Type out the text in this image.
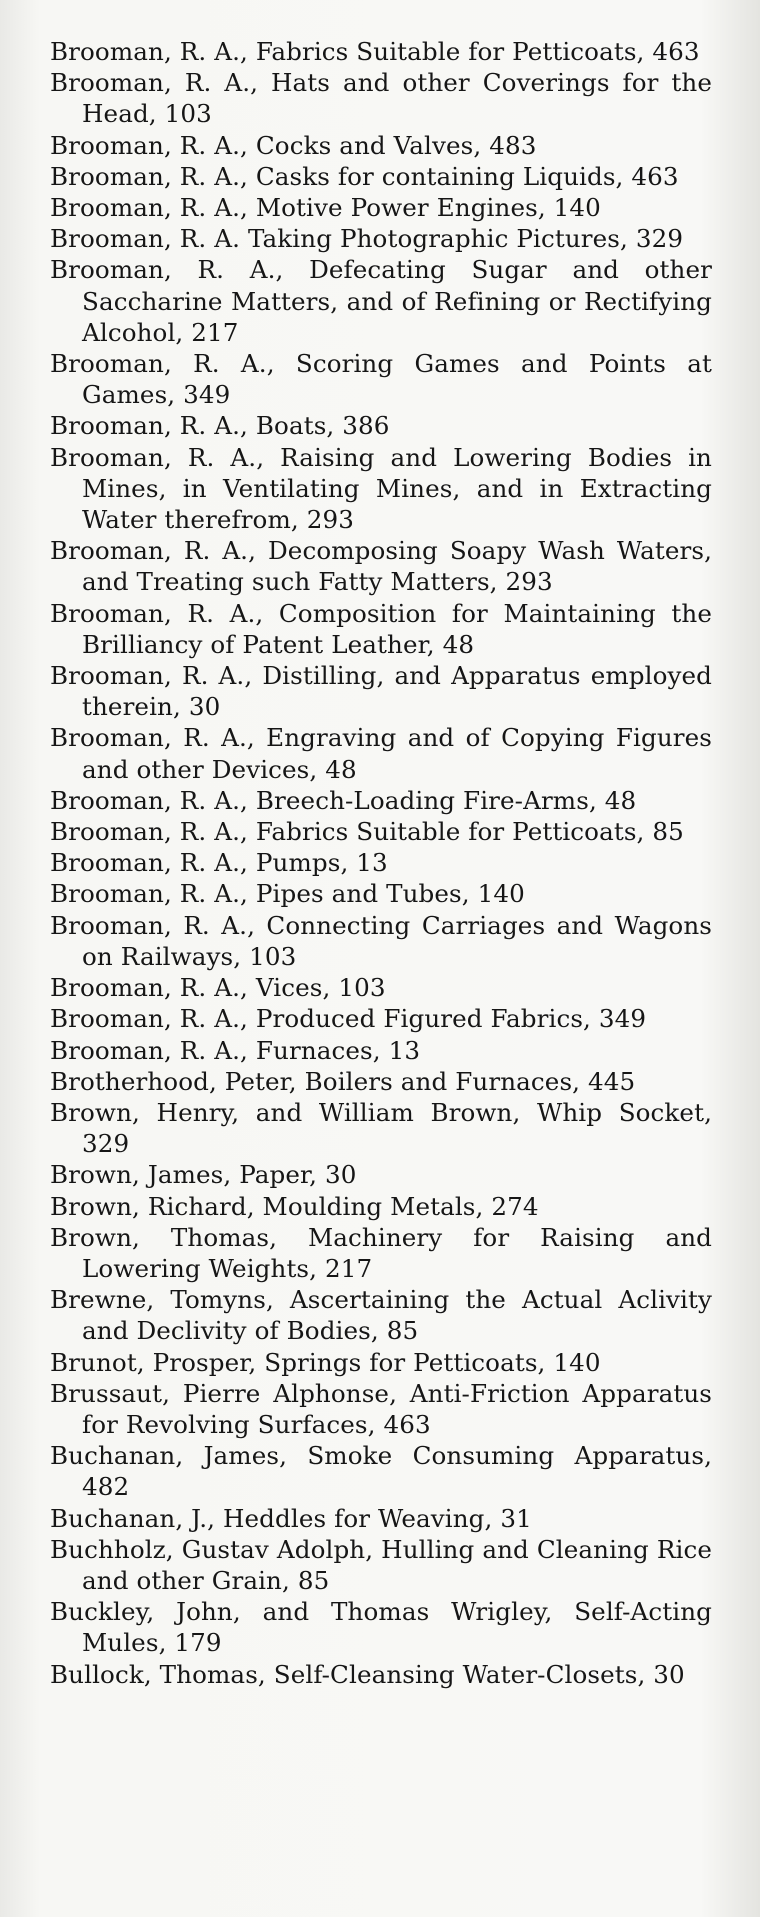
Brooman, R. A., Fabrics Suitable for Petticoats, 463

Brooman, R. A., Hats and other Coverings for the Head, 103

Brooman, R. A., Cocks and Valves, 483

Brooman, R. A., Casks for containing Liquids, 463

Brooman, R. A., Motive Power Engines, 140

Brooman, R. A. Taking Photographic Pictures, 329

Brooman, R. A., Defecating Sugar and other Saccharine Matters, and of Refining or Rectifying Alcohol, 217

Brooman, R. A., Scoring Games and Points at Games, 349

Brooman, R. A., Boats, 386

Brooman, R. A., Raising and Lowering Bodies in Mines, in Ventilating Mines, and in Extracting Water therefrom, 293

Brooman, R. A., Decomposing Soapy Wash Waters, and Treating such Fatty Matters, 293

Brooman, R. A., Composition for Maintaining the Brilliancy of Patent Leather, 48

Brooman, R. A., Distilling, and Apparatus employed therein, 30

Brooman, R. A., Engraving and of Copying Figures and other Devices, 48

Brooman, R. A., Breech-Loading Fire-Arms, 48

Brooman, R. A., Fabrics Suitable for Petticoats, 85

Brooman, R. A., Pumps, 13

Brooman, R. A., Pipes and Tubes, 140

Brooman, R. A., Connecting Carriages and Wagons on Railways, 103

Brooman, R. A., Vices, 103

Brooman, R. A., Produced Figured Fabrics, 349

Brooman, R. A., Furnaces, 13

Brotherhood, Peter, Boilers and Furnaces, 445

Brown, Henry, and William Brown, Whip Socket, 329

Brown, James, Paper, 30

Brown, Richard, Moulding Metals, 274

Brown, Thomas, Machinery for Raising and Lowering Weights, 217

Brewne, Tomyns, Ascertaining the Actual Aclivity and Declivity of Bodies, 85

Brunot, Prosper, Springs for Petticoats, 140

Brussaut, Pierre Alphonse, Anti-Friction Apparatus for Revolving Surfaces, 463

Buchanan, James, Smoke Consuming Apparatus, 482

Buchanan, J., Heddles for Weaving, 31

Buchholz, Gustav Adolph, Hulling and Cleaning Rice and other Grain, 85

Buckley, John, and Thomas Wrigley, Self-Acting Mules, 179

Bullock, Thomas, Self-Cleansing Water-Closets, 30
